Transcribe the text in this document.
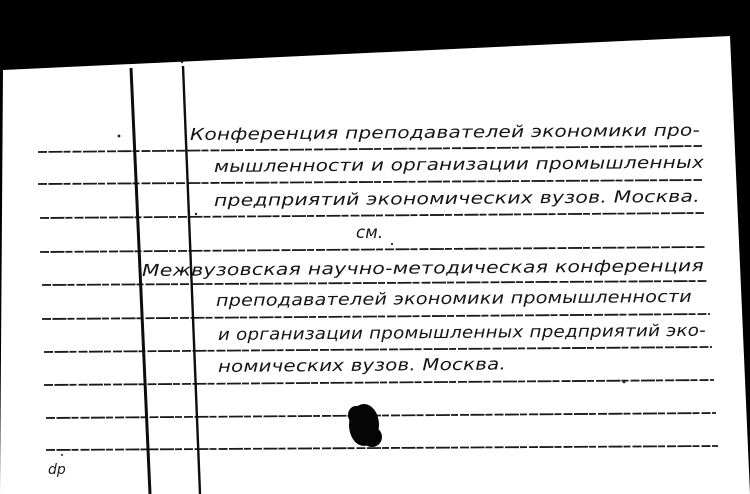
Конференция преподавателей экономики про-
мышленности и организации промышленных
предприятий экономических вузов. Москва.
см.
Межвузовская научно-методическая конференция
преподавателей экономики промышленности
и организации промышленных предприятий эко-
номических вузов. Москва.
dp
